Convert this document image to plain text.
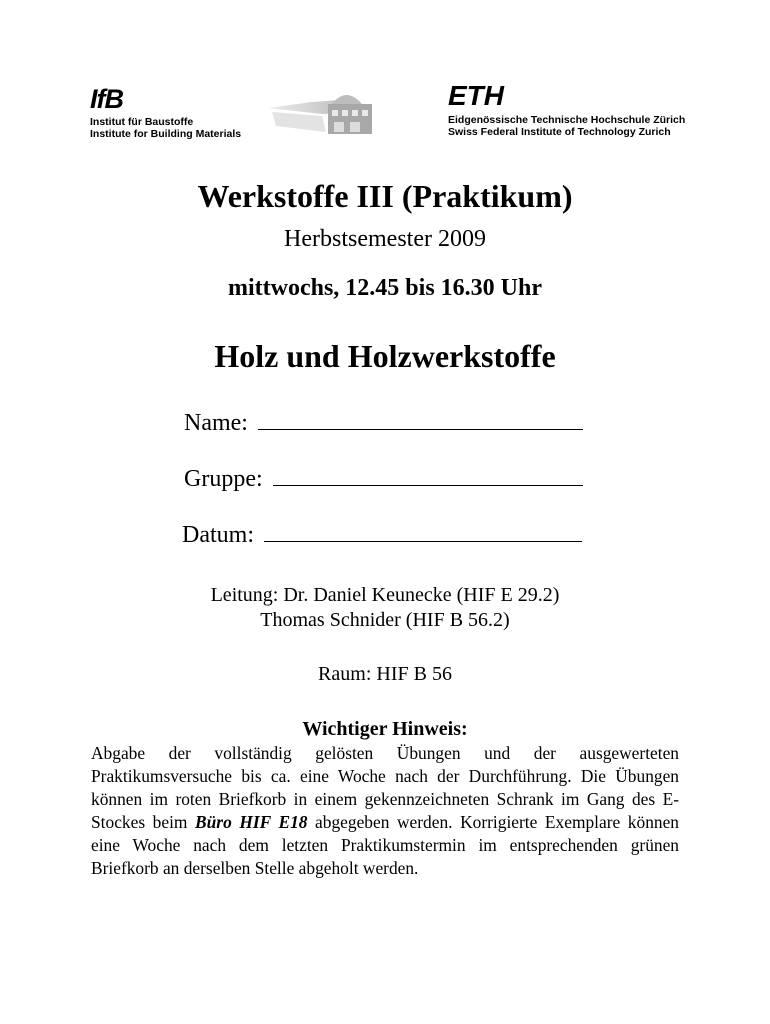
IfB
Institut für Baustoffe
Institute for Building Materials
ETH
Eidgenössische Technische Hochschule Zürich
Swiss Federal Institute of Technology Zurich
Werkstoffe III (Praktikum)
Herbstsemester 2009
mittwochs, 12.45 bis 16.30 Uhr
Holz und Holzwerkstoffe
Name:
Gruppe:
Datum:
Leitung: Dr. Daniel Keunecke (HIF E 29.2)
Thomas Schnider (HIF B 56.2)
Raum: HIF B 56
Wichtiger Hinweis:
Abgabe der vollständig gelösten Übungen und der ausgewerteten Praktikumsversuche bis ca. eine Woche nach der Durchführung. Die Übungen können im roten Briefkorb in einem gekennzeichneten Schrank im Gang des E-Stockes beim Büro HIF E18 abgegeben werden. Korrigierte Exemplare können eine Woche nach dem letzten Praktikumstermin im entsprechenden grünen Briefkorb an derselben Stelle abgeholt werden.
